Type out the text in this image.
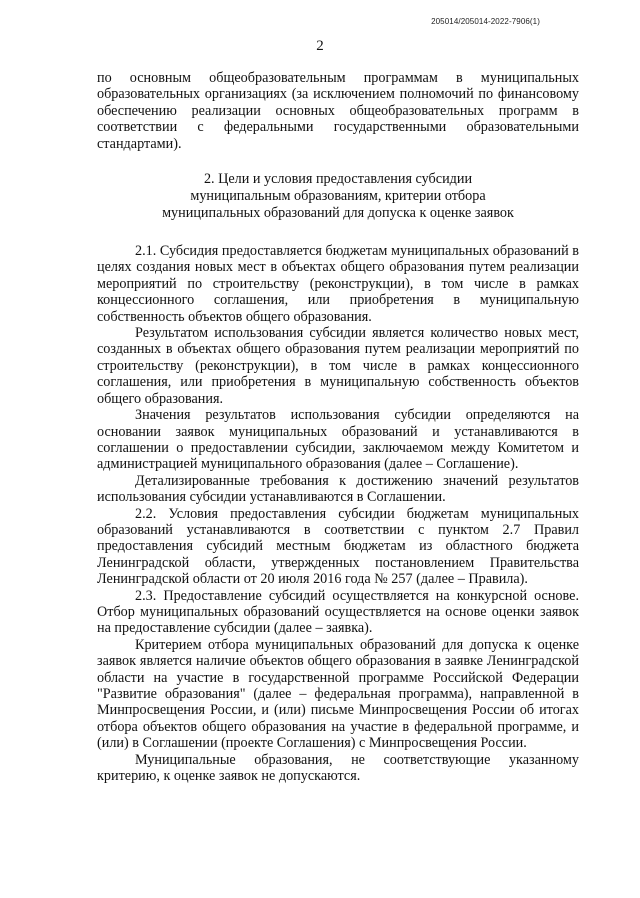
205014/205014-2022-7906(1)
2

по основным общеобразовательным программам в муниципальных образовательных организациях (за исключением полномочий по финансовому обеспечению реализации основных общеобразовательных программ в соответствии с федеральными государственными образовательными стандартами).

2. Цели и условия предоставления субсидии
муниципальным образованиям, критерии отбора
муниципальных образований для допуска к оценке заявок

2.1. Субсидия предоставляется бюджетам муниципальных образований в целях создания новых мест в объектах общего образования путем реализации мероприятий по строительству (реконструкции), в том числе в рамках концессионного соглашения, или приобретения в муниципальную собственность объектов общего образования.

Результатом использования субсидии является количество новых мест, созданных в объектах общего образования путем реализации мероприятий по строительству (реконструкции), в том числе в рамках концессионного соглашения, или приобретения в муниципальную собственность объектов общего образования.

Значения результатов использования субсидии определяются на основании заявок муниципальных образований и устанавливаются в соглашении о предоставлении субсидии, заключаемом между Комитетом и администрацией муниципального образования (далее – Соглашение).

Детализированные требования к достижению значений результатов использования субсидии устанавливаются в Соглашении.

2.2. Условия предоставления субсидии бюджетам муниципальных образований устанавливаются в соответствии с пунктом 2.7 Правил предоставления субсидий местным бюджетам из областного бюджета Ленинградской области, утвержденных постановлением Правительства Ленинградской области от 20 июля 2016 года № 257 (далее – Правила).

2.3. Предоставление субсидий осуществляется на конкурсной основе. Отбор муниципальных образований осуществляется на основе оценки заявок на предоставление субсидии (далее – заявка).

Критерием отбора муниципальных образований для допуска к оценке заявок является наличие объектов общего образования в заявке Ленинградской области на участие в государственной программе Российской Федерации "Развитие образования" (далее – федеральная программа), направленной в Минпросвещения России, и (или) письме Минпросвещения России об итогах отбора объектов общего образования на участие в федеральной программе, и (или) в Соглашении (проекте Соглашения) с Минпросвещения России.

Муниципальные образования, не соответствующие указанному критерию, к оценке заявок не допускаются.
